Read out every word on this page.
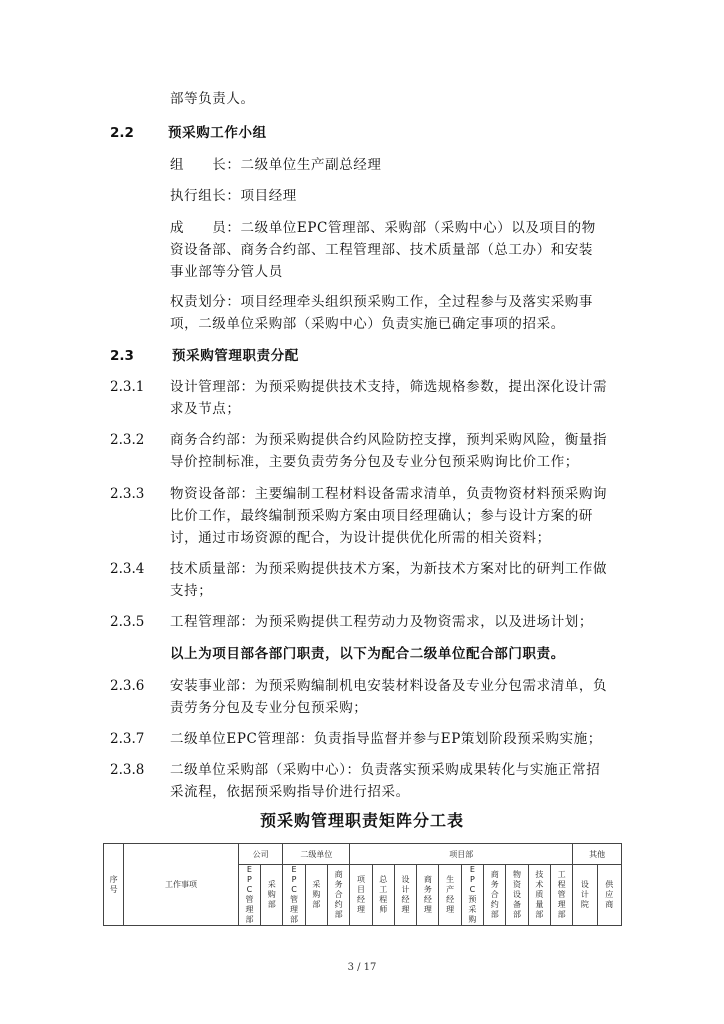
部等负责人。
2.2	预采购工作小组
组　　长：二级单位生产副总经理
执行组长：项目经理
成　　员：二级单位EPC管理部、采购部（采购中心）以及项目的物
资设备部、商务合约部、工程管理部、技术质量部（总工办）和安装
事业部等分管人员
权责划分：项目经理牵头组织预采购工作，全过程参与及落实采购事
项，二级单位采购部（采购中心）负责实施已确定事项的招采。
2.3	预采购管理职责分配
2.3.1 设计管理部：为预采购提供技术支持，筛选规格参数，提出深化设计需
求及节点；
2.3.2 商务合约部：为预采购提供合约风险防控支撑，预判采购风险，衡量指
导价控制标准，主要负责劳务分包及专业分包预采购询比价工作；
2.3.3 物资设备部：主要编制工程材料设备需求清单，负责物资材料预采购询
比价工作，最终编制预采购方案由项目经理确认；参与设计方案的研
讨，通过市场资源的配合，为设计提供优化所需的相关资料；
2.3.4 技术质量部：为预采购提供技术方案，为新技术方案对比的研判工作做
支持；
2.3.5 工程管理部：为预采购提供工程劳动力及物资需求，以及进场计划；
以上为项目部各部门职责，以下为配合二级单位配合部门职责。
2.3.6 安装事业部：为预采购编制机电安装材料设备及专业分包需求清单，负
责劳务分包及专业分包预采购；
2.3.7 二级单位EPC管理部：负责指导监督并参与EP策划阶段预采购实施；
2.3.8 二级单位采购部（采购中心）：负责落实预采购成果转化与实施正常招
采流程，依据预采购指导价进行招采。
预采购管理职责矩阵分工表
序号	工作事项	公司		二级单位			项目部										其他	
		EPC管理部	采购部	EPC管理部	采购部	商务合约部	项目经理	总工程师	设计经理	商务经理	生产经理	EPC预采购	商务合约部	物资设备部	技术质量部	工程管理部	设计院	供应商
3 / 17
